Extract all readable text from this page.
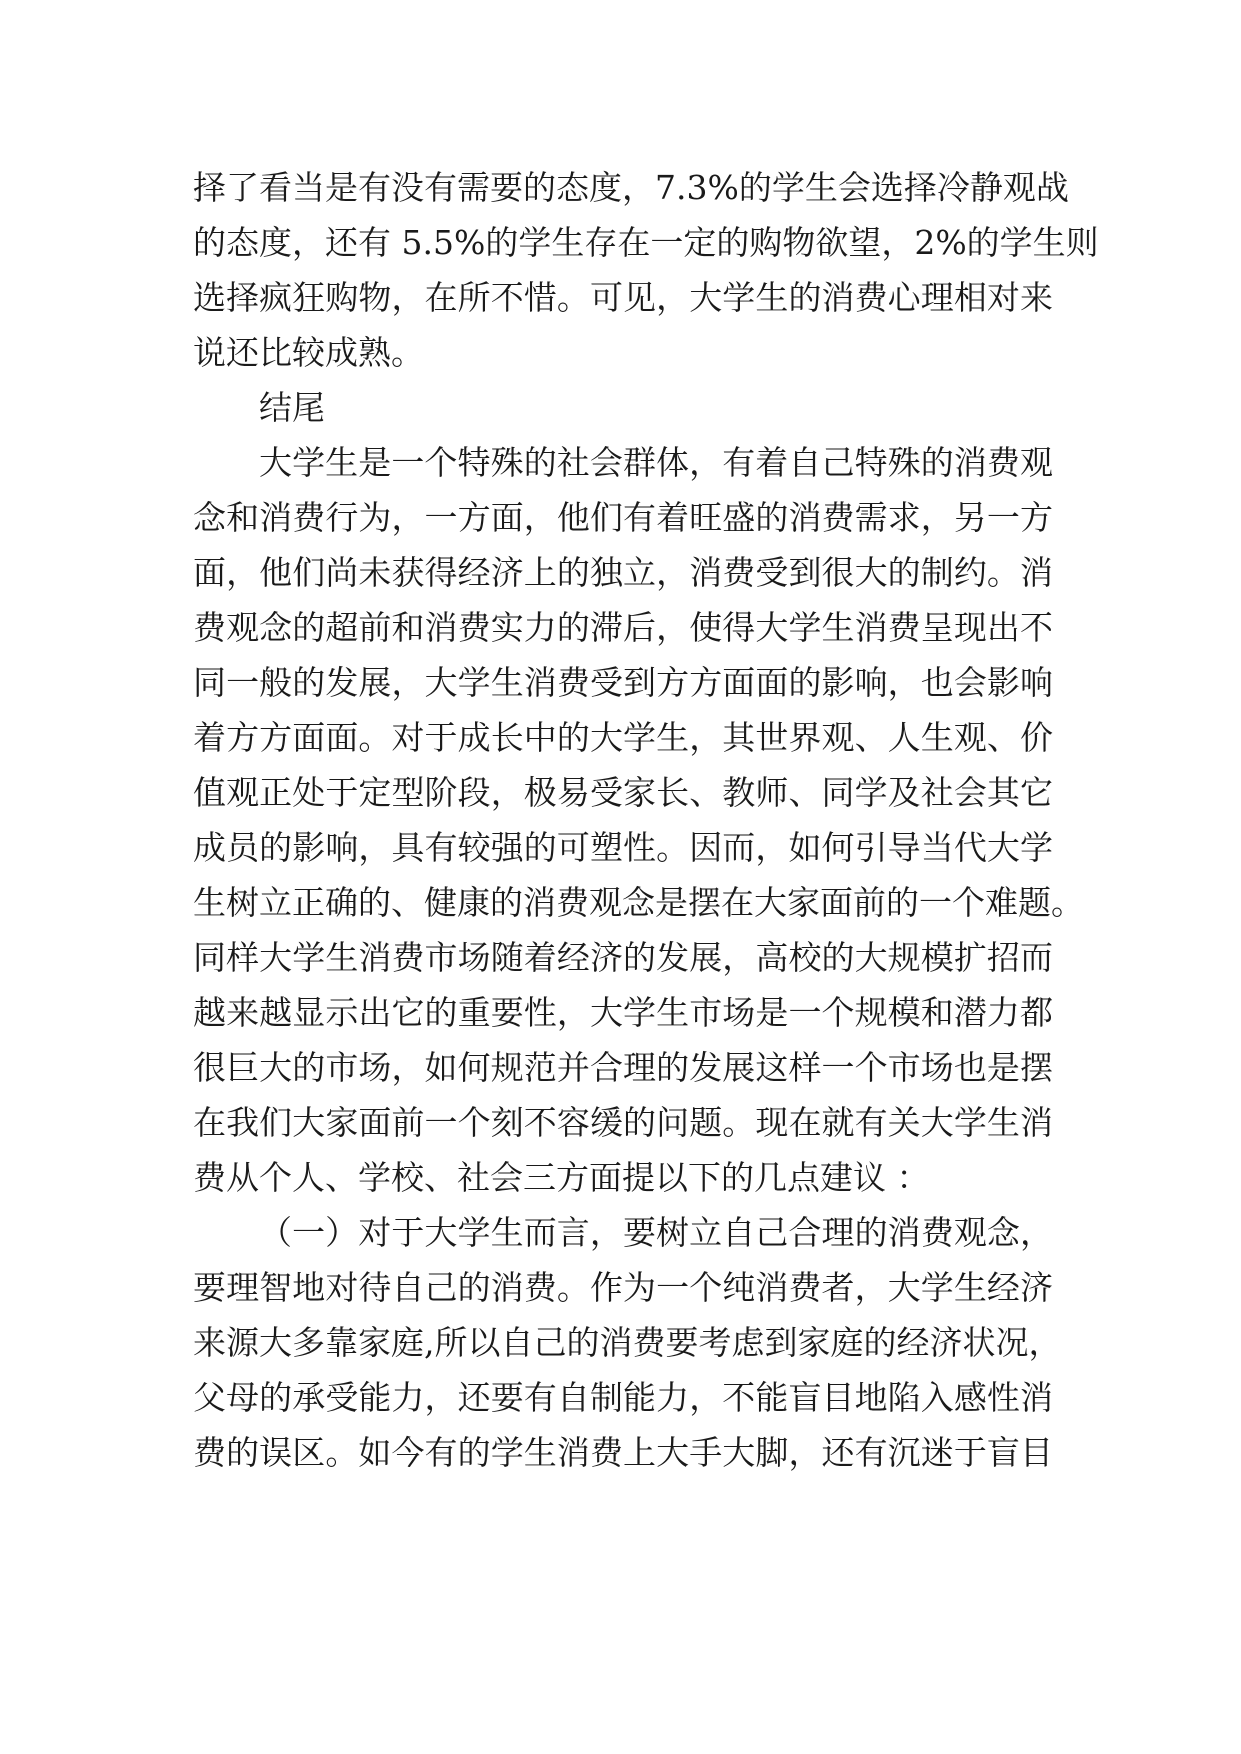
择了看当是有没有需要的态度，7.3%的学生会选择冷静观战
的态度，还有 5.5%的学生存在一定的购物欲望，2%的学生则
选择疯狂购物，在所不惜。可见，大学生的消费心理相对来
说还比较成熟。
结尾
大学生是一个特殊的社会群体，有着自己特殊的消费观
念和消费行为，一方面，他们有着旺盛的消费需求，另一方
面，他们尚未获得经济上的独立，消费受到很大的制约。消
费观念的超前和消费实力的滞后，使得大学生消费呈现出不
同一般的发展，大学生消费受到方方面面的影响，也会影响
着方方面面。对于成长中的大学生，其世界观、人生观、价
值观正处于定型阶段，极易受家长、教师、同学及社会其它
成员的影响，具有较强的可塑性。因而，如何引导当代大学
生树立正确的、健康的消费观念是摆在大家面前的一个难题。
同样大学生消费市场随着经济的发展，高校的大规模扩招而
越来越显示出它的重要性，大学生市场是一个规模和潜力都
很巨大的市场，如何规范并合理的发展这样一个市场也是摆
在我们大家面前一个刻不容缓的问题。现在就有关大学生消
费从个人、学校、社会三方面提以下的几点建议 ：
（一）对于大学生而言，要树立自己合理的消费观念，
要理智地对待自己的消费。作为一个纯消费者，大学生经济
来源大多靠家庭,所以自己的消费要考虑到家庭的经济状况，
父母的承受能力，还要有自制能力，不能盲目地陷入感性消
费的误区。如今有的学生消费上大手大脚，还有沉迷于盲目
